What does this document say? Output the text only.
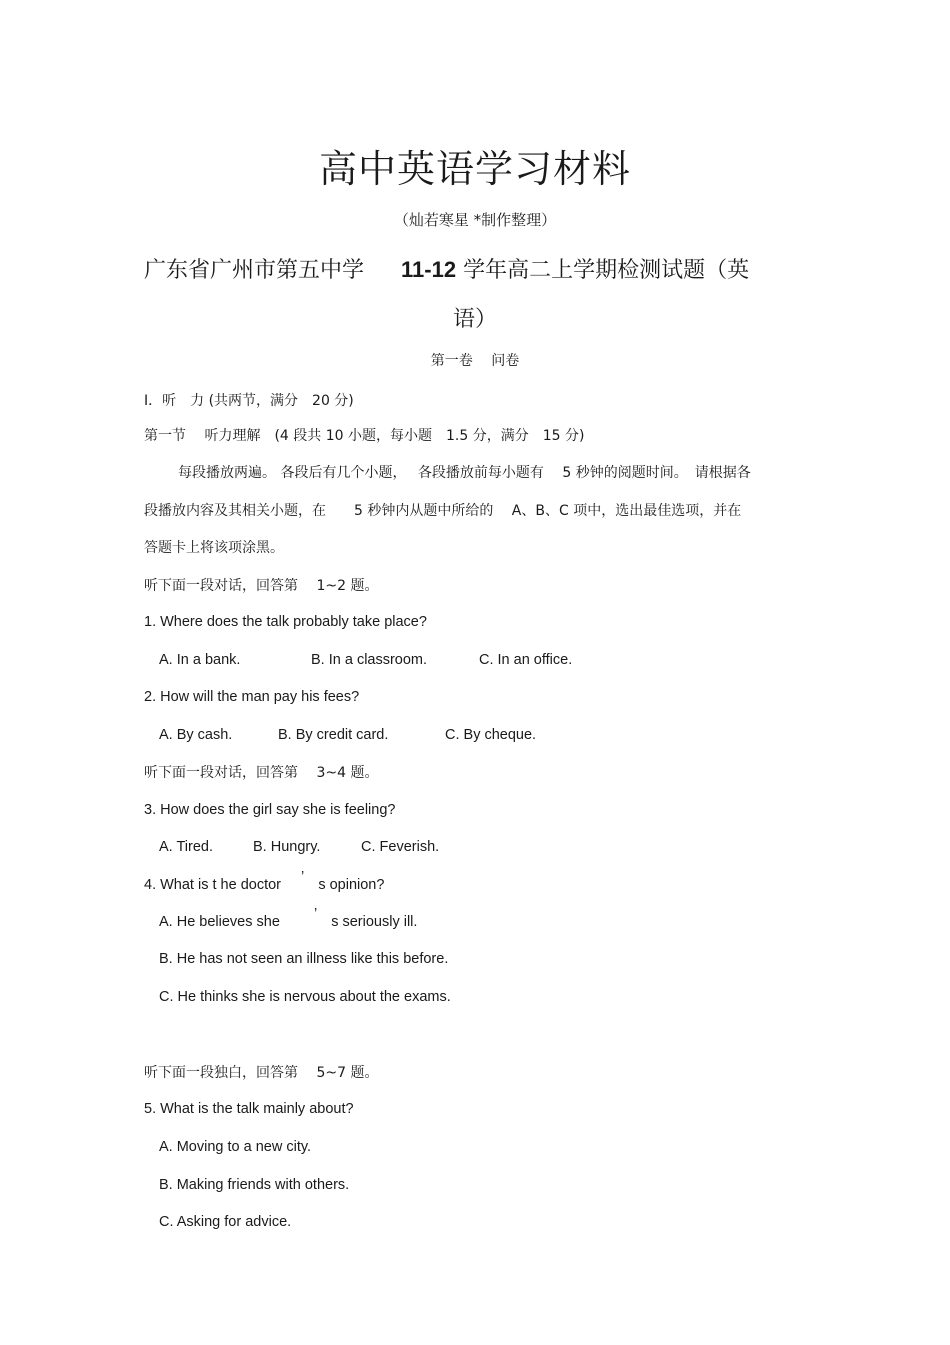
高中英语学习材料
（灿若寒星 *制作整理）
广东省广州市第五中学 11-12 学年高二上学期检测试题（英
语）
第一卷　 问卷
I．听　力 (共两节，满分　20 分)
第一节　 听力理解　(4 段共 10 小题，每小题　1.5 分，满分　15 分)
每段播放两遍。 各段后有几个小题，　 各段播放前每小题有　 5 秒钟的阅题时间。　请根据各
段播放内容及其相关小题，在　　5 秒钟内从题中所给的　 A、B、C 项中，选出最佳选项，并在
答题卡上将该项涂黑。
听下面一段对话，回答第　 1~2 题。
1. Where does the talk probably take place?
A. In a bank.	B. In a classroom.	C. In an office.
2. How will the man pay his fees?
A. By cash.	B. By credit card.	C. By cheque.
听下面一段对话，回答第　 3~4 题。
3. How does the girl say she is feeling?
A. Tired.	B. Hungry.	C. Feverish.
4. What is t he doctor ’ s opinion?
A. He believes she ’ s seriously ill.
B. He has not seen an illness like this before.
C. He thinks she is nervous about the exams.
听下面一段独白，回答第　 5~7 题。
5. What is the talk mainly about?
A. Moving to a new city.
B. Making friends with others.
C. Asking for advice.
